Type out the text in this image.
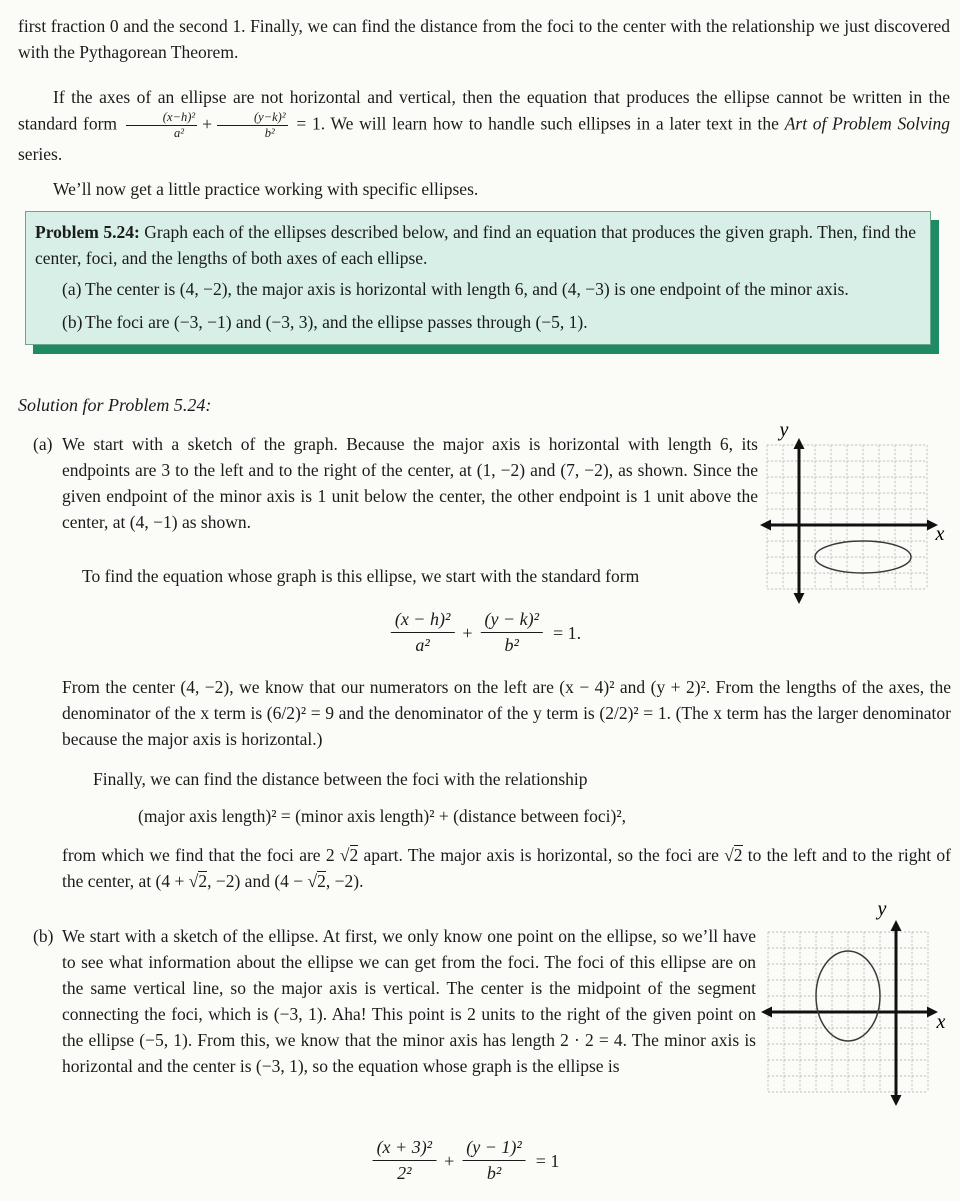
first fraction 0 and the second 1. Finally, we can find the distance from the foci to the center with the relationship we just discovered with the Pythagorean Theorem.
If the axes of an ellipse are not horizontal and vertical, then the equation that produces the ellipse cannot be written in the standard form $\frac{\text{(x−h)²}}{\text{a²}} + \frac{\text{(y−k)²}}{\text{b²}} = 1$. We will learn how to handle such ellipses in a later text in the Art of Problem Solving series.
We’ll now get a little practice working with specific ellipses.
Problem 5.24: Graph each of the ellipses described below, and find an equation that produces the given graph. Then, find the center, foci, and the lengths of both axes of each ellipse.
(a) The center is (4, −2), the major axis is horizontal with length 6, and (4, −3) is one endpoint of the minor axis.
(b) The foci are (−3, −1) and (−3, 3), and the ellipse passes through (−5, 1).
Solution for Problem 5.24:
(a) We start with a sketch of the graph. Because the major axis is horizontal with length 6, its endpoints are 3 to the left and to the right of the center, at (1, −2) and (7, −2), as shown. Since the given endpoint of the minor axis is 1 unit below the center, the other endpoint is 1 unit above the center, at (4, −1) as shown.
To find the equation whose graph is this ellipse, we start with the standard form
$\frac{\text{(x − h)²}}{\text{a²}} + \frac{\text{(y − k)²}}{\text{b²}} = 1$.
From the center (4, −2), we know that our numerators on the left are (x − 4)² and (y + 2)². From the lengths of the axes, the denominator of the x term is (6/2)² = 9 and the denominator of the y term is (2/2)² = 1. (The x term has the larger denominator because the major axis is horizontal.)
Finally, we can find the distance between the foci with the relationship
(major axis length)² = (minor axis length)² + (distance between foci)²,
from which we find that the foci are 2 √2 apart. The major axis is horizontal, so the foci are √2 to the left and to the right of the center, at (4 + √2, −2) and (4 − √2, −2).
(b) We start with a sketch of the ellipse. At first, we only know one point on the ellipse, so we’ll have to see what information about the ellipse we can get from the foci. The foci of this ellipse are on the same vertical line, so the major axis is vertical. The center is the midpoint of the segment connecting the foci, which is (−3, 1). Aha! This point is 2 units to the right of the given point on the ellipse (−5, 1). From this, we know that the minor axis has length 2 · 2 = 4. The minor axis is horizontal and the center is (−3, 1), so the equation whose graph is the ellipse is
$\frac{\text{(x + 3)²}}{\text{2²}} + \frac{\text{(y − 1)²}}{\text{b²}} = 1$
y
x
y
x
